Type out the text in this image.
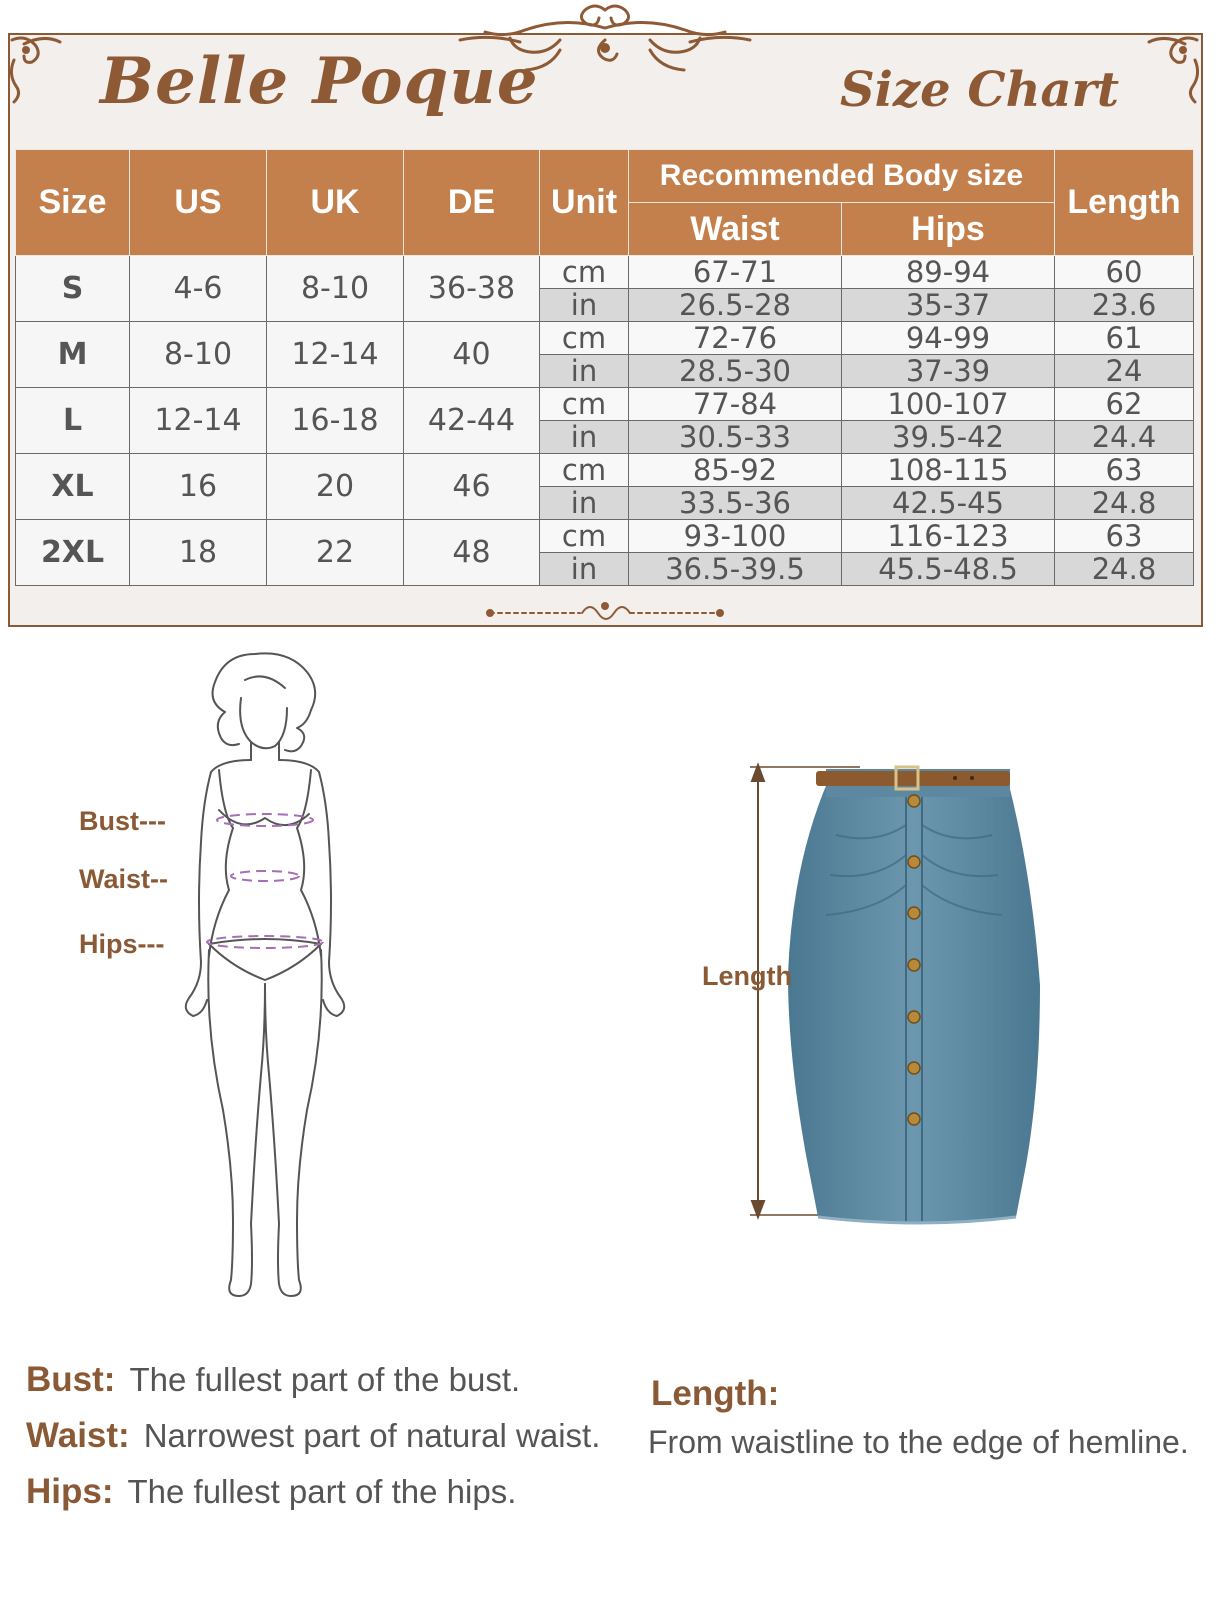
Belle Poque	Size Chart
Size	US	UK	DE	Unit	Recommended Body size		Length
					Waist	Hips	
S	4-6	8-10	36-38	cm	67-71	89-94	60
				in	26.5-28	35-37	23.6
M	8-10	12-14	40	cm	72-76	94-99	61
				in	28.5-30	37-39	24
L	12-14	16-18	42-44	cm	77-84	100-107	62
				in	30.5-33	39.5-42	24.4
XL	16	20	46	cm	85-92	108-115	63
				in	33.5-36	42.5-45	24.8
2XL	18	22	48	cm	93-100	116-123	63
				in	36.5-39.5	45.5-48.5	24.8
Bust---
Waist--
Hips---
Length
Bust: The fullest part of the bust.
Waist: Narrowest part of natural waist.
Hips: The fullest part of the hips.
Length:
From waistline to the edge of hemline.
